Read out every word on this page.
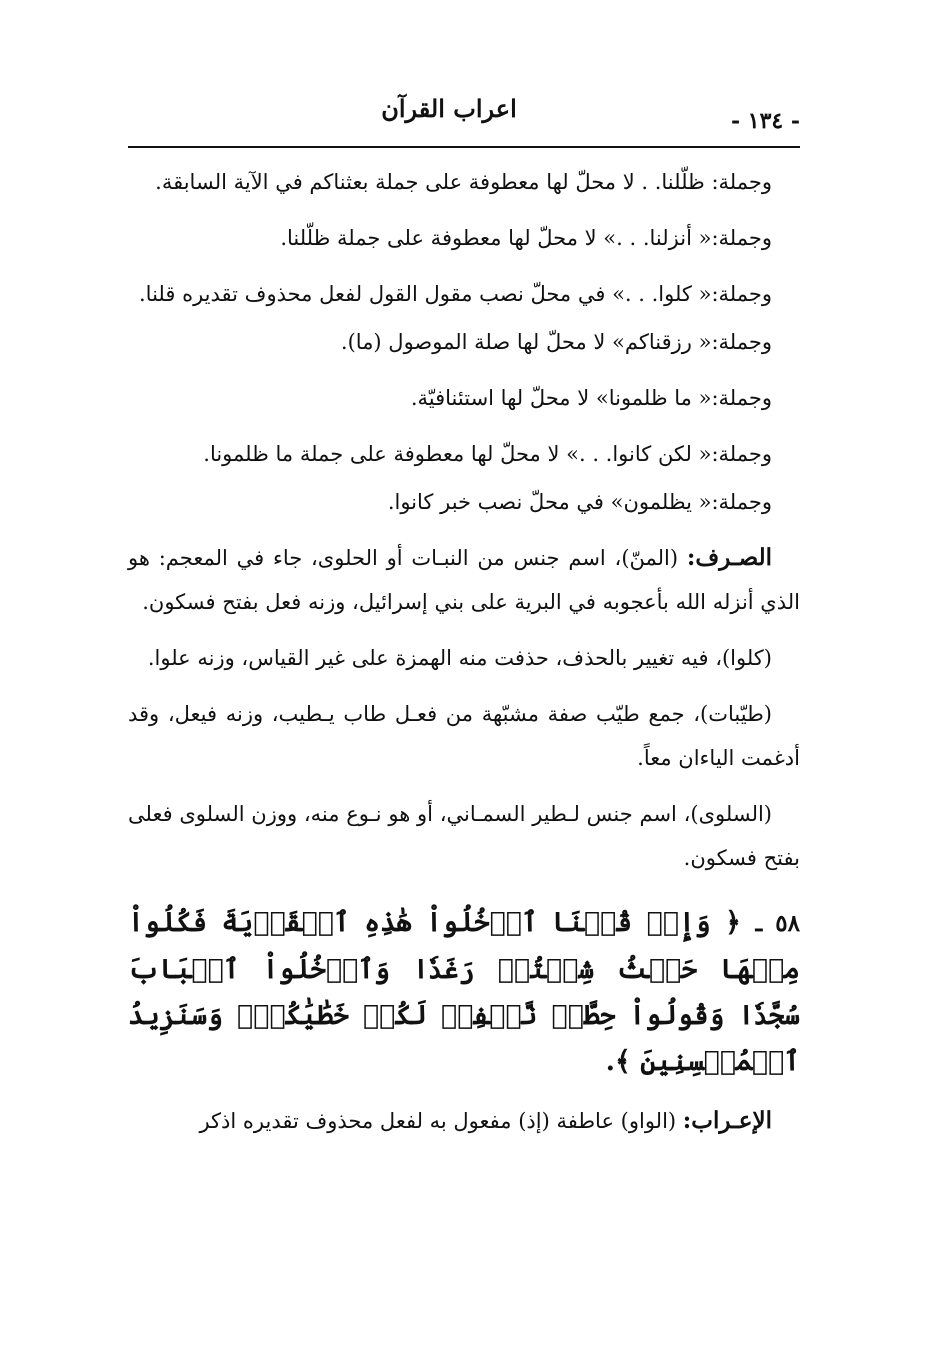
- ١٣٤ -
اعراب القرآن

وجملة: ظلّلنا. . لا محلّ لها معطوفة على جملة بعثناكم في الآية السابقة.

وجملة:« أنزلنا. . .» لا محلّ لها معطوفة على جملة ظلّلنا.

وجملة:« كلوا. . .» في محلّ نصب مقول القول لفعل محذوف تقديره قلنا.

وجملة:« رزقناكم» لا محلّ لها صلة الموصول (ما).

وجملة:« ما ظلمونا» لا محلّ لها استئنافيّة.

وجملة:« لكن كانوا. . .» لا محلّ لها معطوفة على جملة ما ظلمونا.

وجملة:« يظلمون» في محلّ نصب خبر كانوا.

الصـرف: (المنّ)، اسم جنس من النبـات أو الحلوى، جاء في المعجم: هو الذي أنزله الله بأعجوبه في البرية على بني إسرائيل، وزنه فعل بفتح فسكون.

(كلوا)، فيه تغيير بالحذف، حذفت منه الهمزة على غير القياس، وزنه علوا.

(طيّبات)، جمع طيّب صفة مشبّهة من فعـل طاب يـطيب، وزنه فيعل، وقد أدغمت الياءان معاً.

(السلوى)، اسم جنس لـطير السمـاني، أو هو نـوع منه، ووزن السلوى فعلى بفتح فسكون.

٥٨ ـ ﴿ وَإِذۡ قُلۡنَا ٱدۡخُلُواْ هَٰذِهِ ٱلۡقَرۡيَةَ فَكُلُواْ مِنۡهَا حَيۡثُ شِئۡتُمۡ رَغَدٗا وَٱدۡخُلُواْ ٱلۡبَابَ سُجَّدٗا وَقُولُواْ حِطَّةٞ نَّغۡفِرۡ لَكُمۡ خَطَٰيَٰكُمۡۚ وَسَنَزِيدُ ٱلۡمُحۡسِنِينَ ﴾.

الإعـراب: (الواو) عاطفة (إذ) مفعول به لفعل محذوف تقديره اذكر
